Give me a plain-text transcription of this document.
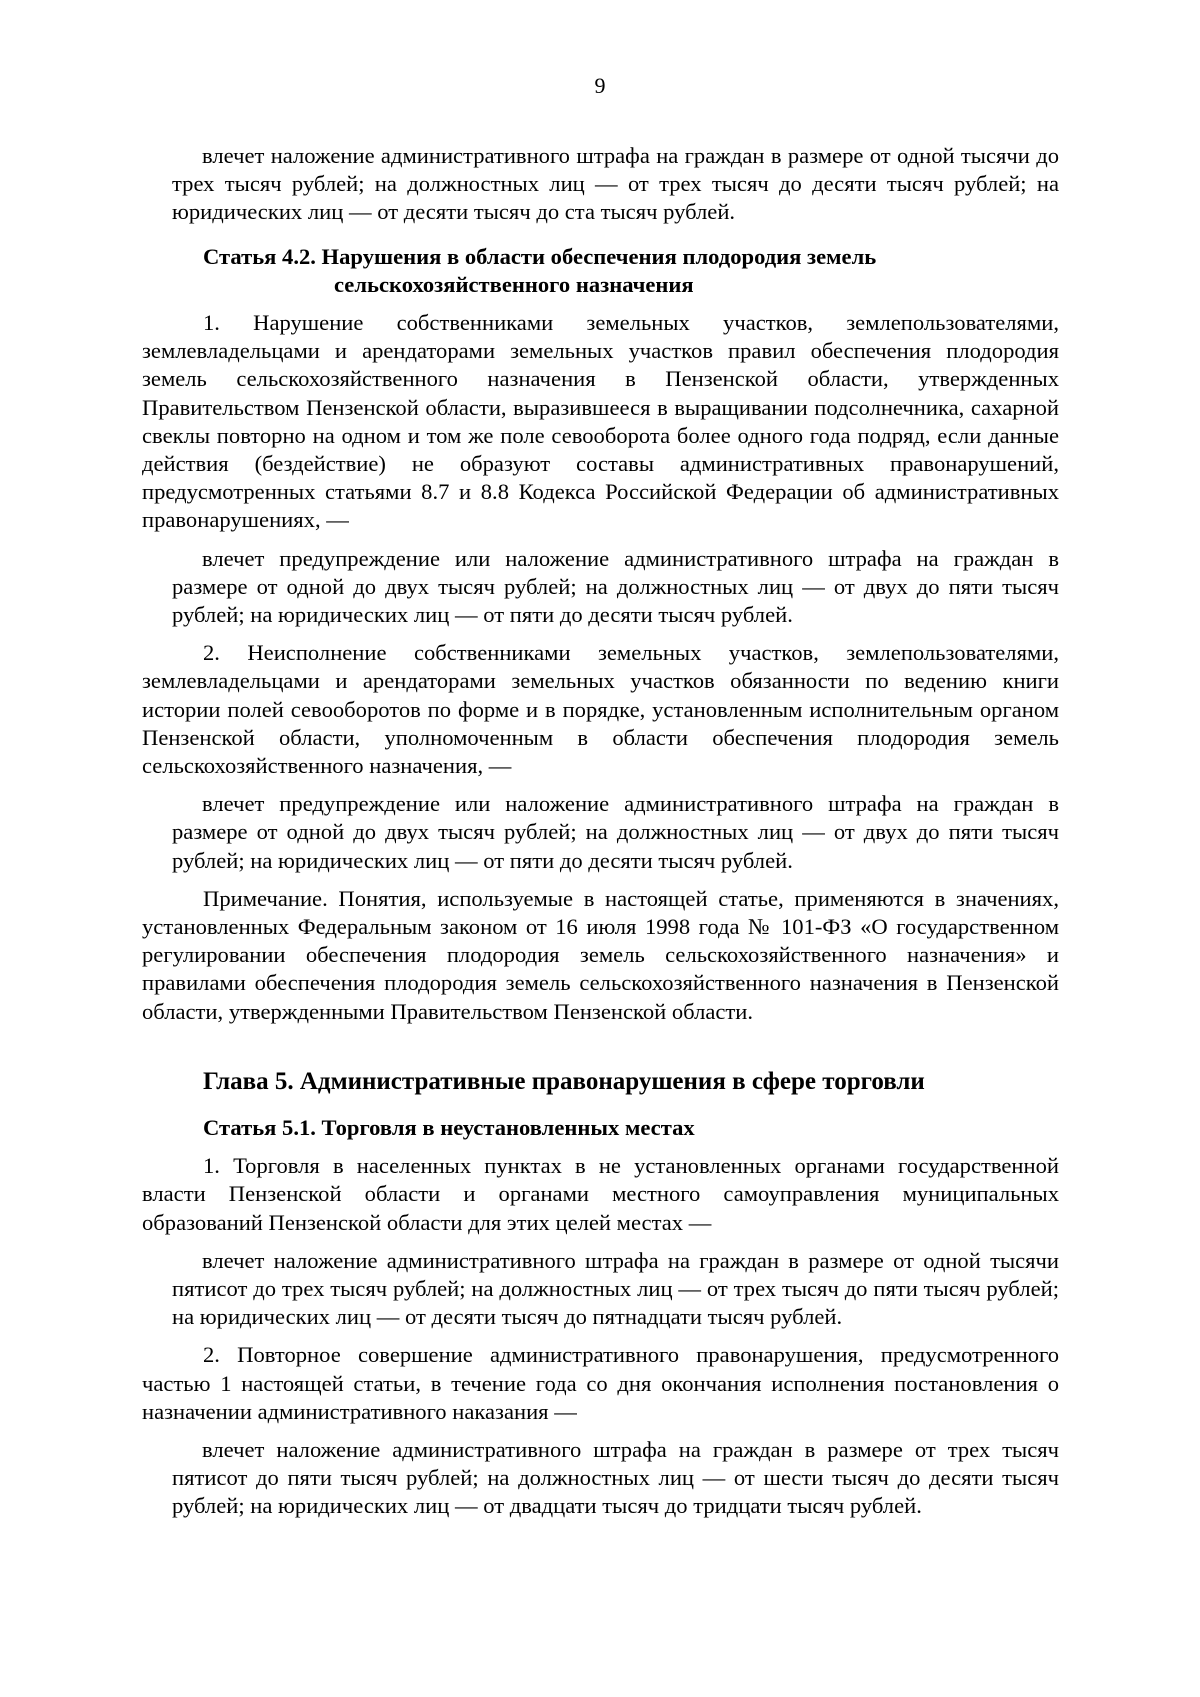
9

влечет наложение административного штрафа на граждан в размере от одной тысячи до трех тысяч рублей; на должностных лиц — от трех тысяч до десяти тысяч рублей; на юридических лиц — от десяти тысяч до ста тысяч рублей.

Статья 4.2. Нарушения в области обеспечения плодородия земель
сельскохозяйственного назначения

1. Нарушение собственниками земельных участков, землепользователями, землевладельцами и арендаторами земельных участков правил обеспечения плодородия земель сельскохозяйственного назначения в Пензенской области, утвержденных Правительством Пензенской области, выразившееся в выращивании подсолнечника, сахарной свеклы повторно на одном и том же поле севооборота более одного года подряд, если данные действия (бездействие) не образуют составы административных правонарушений, предусмотренных статьями 8.7 и 8.8 Кодекса Российской Федерации об административных правонарушениях, —

влечет предупреждение или наложение административного штрафа на граждан в размере от одной до двух тысяч рублей; на должностных лиц — от двух до пяти тысяч рублей; на юридических лиц — от пяти до десяти тысяч рублей.

2. Неисполнение собственниками земельных участков, землепользователями, землевладельцами и арендаторами земельных участков обязанности по ведению книги истории полей севооборотов по форме и в порядке, установленным исполнительным органом Пензенской области, уполномоченным в области обеспечения плодородия земель сельскохозяйственного назначения, —

влечет предупреждение или наложение административного штрафа на граждан в размере от одной до двух тысяч рублей; на должностных лиц — от двух до пяти тысяч рублей; на юридических лиц — от пяти до десяти тысяч рублей.

Примечание. Понятия, используемые в настоящей статье, применяются в значениях, установленных Федеральным законом от 16 июля 1998 года № 101-ФЗ «О государственном регулировании обеспечения плодородия земель сельскохозяйственного назначения» и правилами обеспечения плодородия земель сельскохозяйственного назначения в Пензенской области, утвержденными Правительством Пензенской области.

Глава 5. Административные правонарушения в сфере торговли

Статья 5.1. Торговля в неустановленных местах

1. Торговля в населенных пунктах в не установленных органами государственной власти Пензенской области и органами местного самоуправления муниципальных образований Пензенской области для этих целей местах —

влечет наложение административного штрафа на граждан в размере от одной тысячи пятисот до трех тысяч рублей; на должностных лиц — от трех тысяч до пяти тысяч рублей; на юридических лиц — от десяти тысяч до пятнадцати тысяч рублей.

2. Повторное совершение административного правонарушения, предусмотренного частью 1 настоящей статьи, в течение года со дня окончания исполнения постановления о назначении административного наказания —

влечет наложение административного штрафа на граждан в размере от трех тысяч пятисот до пяти тысяч рублей; на должностных лиц — от шести тысяч до десяти тысяч рублей; на юридических лиц — от двадцати тысяч до тридцати тысяч рублей.
